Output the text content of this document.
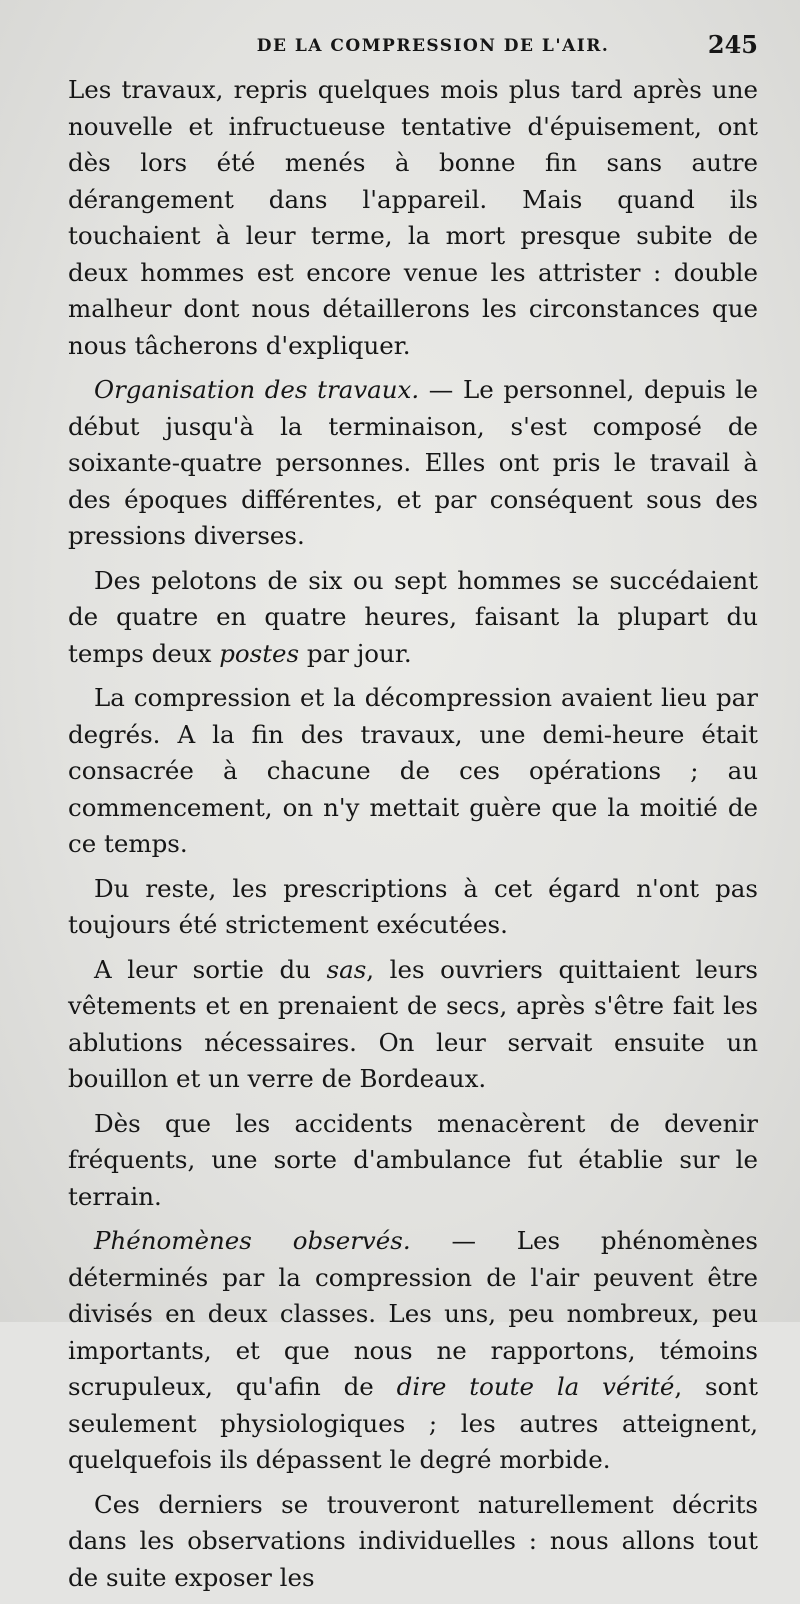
DE LA COMPRESSION DE L'AIR.	245

Les travaux, repris quelques mois plus tard après une nouvelle et infructueuse tentative d'épuisement, ont dès lors été menés à bonne fin sans autre dérangement dans l'appareil. Mais quand ils touchaient à leur terme, la mort presque subite de deux hommes est encore venue les attrister : double malheur dont nous détaillerons les circonstances que nous tâcherons d'expliquer.

Organisation des travaux. — Le personnel, depuis le début jusqu'à la terminaison, s'est composé de soixante-quatre personnes. Elles ont pris le travail à des époques différentes, et par conséquent sous des pressions diverses.

Des pelotons de six ou sept hommes se succédaient de quatre en quatre heures, faisant la plupart du temps deux postes par jour.

La compression et la décompression avaient lieu par degrés. A la fin des travaux, une demi-heure était consacrée à chacune de ces opérations ; au commencement, on n'y mettait guère que la moitié de ce temps.

Du reste, les prescriptions à cet égard n'ont pas toujours été strictement exécutées.

A leur sortie du sas, les ouvriers quittaient leurs vêtements et en prenaient de secs, après s'être fait les ablutions nécessaires. On leur servait ensuite un bouillon et un verre de Bordeaux.

Dès que les accidents menacèrent de devenir fréquents, une sorte d'ambulance fut établie sur le terrain.

Phénomènes observés. — Les phénomènes déterminés par la compression de l'air peuvent être divisés en deux classes. Les uns, peu nombreux, peu importants, et que nous ne rapportons, témoins scrupuleux, qu'afin de dire toute la vérité, sont seulement physiologiques ; les autres atteignent, quelquefois ils dépassent le degré morbide.

Ces derniers se trouveront naturellement décrits dans les observations individuelles : nous allons tout de suite exposer les
